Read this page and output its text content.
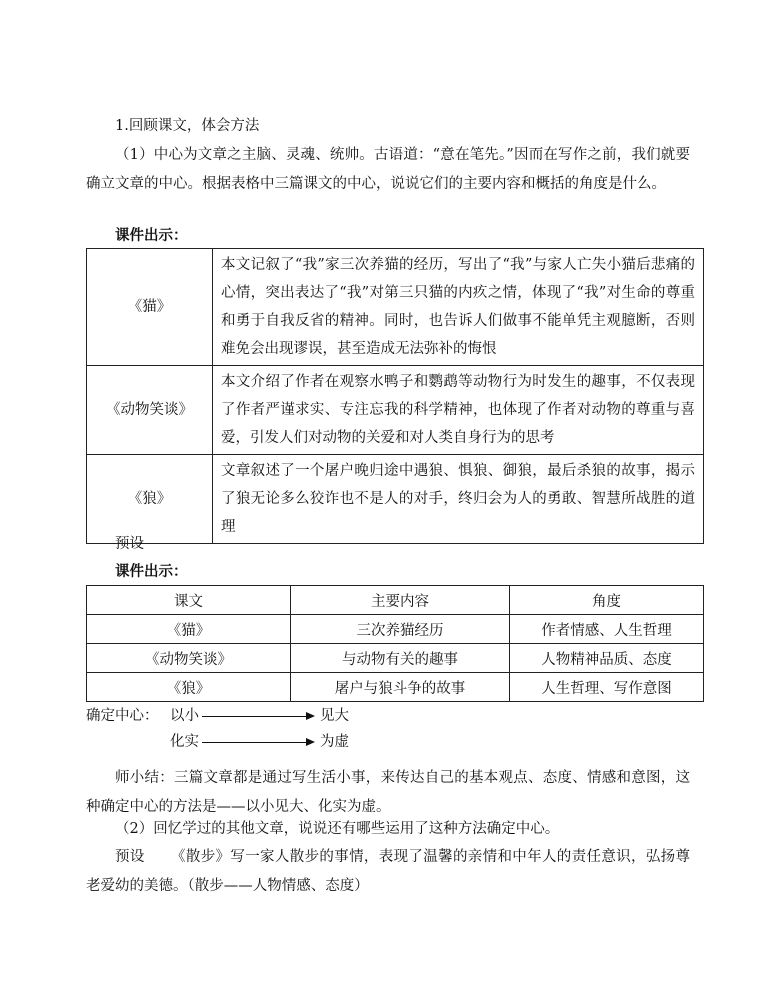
1.回顾课文，体会方法

（1）中心为文章之主脑、灵魂、统帅。古语道：“意在笔先。”因而在写作之前，我们就要确立文章的中心。根据表格中三篇课文的中心，说说它们的主要内容和概括的角度是什么。

课件出示：

《猫》	本文记叙了“我”家三次养猫的经历，写出了“我”与家人亡失小猫后悲痛的心情，突出表达了“我”对第三只猫的内疚之情，体现了“我”对生命的尊重和勇于自我反省的精神。同时，也告诉人们做事不能单凭主观臆断，否则难免会出现谬误，甚至造成无法弥补的悔恨
《动物笑谈》	本文介绍了作者在观察水鸭子和鹦鹉等动物行为时发生的趣事，不仅表现了作者严谨求实、专注忘我的科学精神，也体现了作者对动物的尊重与喜爱，引发人们对动物的关爱和对人类自身行为的思考
《狼》	文章叙述了一个屠户晚归途中遇狼、惧狼、御狼，最后杀狼的故事，揭示了狼无论多么狡诈也不是人的对手，终归会为人的勇敢、智慧所战胜的道理

预设

课件出示：

课文	主要内容	角度
《猫》	三次养猫经历	作者情感、人生哲理
《动物笑谈》	与动物有关的趣事	人物精神品质、态度
《狼》	屠户与狼斗争的故事	人生哲理、写作意图
确定中心： 以小	见大
化实	为虚

师小结：三篇文章都是通过写生活小事，来传达自己的基本观点、态度、情感和意图，这种确定中心的方法是——以小见大、化实为虚。

（2）回忆学过的其他文章，说说还有哪些运用了这种方法确定中心。

预设 《散步》写一家人散步的事情，表现了温馨的亲情和中年人的责任意识，弘扬尊老爱幼的美德。（散步——人物情感、态度）
